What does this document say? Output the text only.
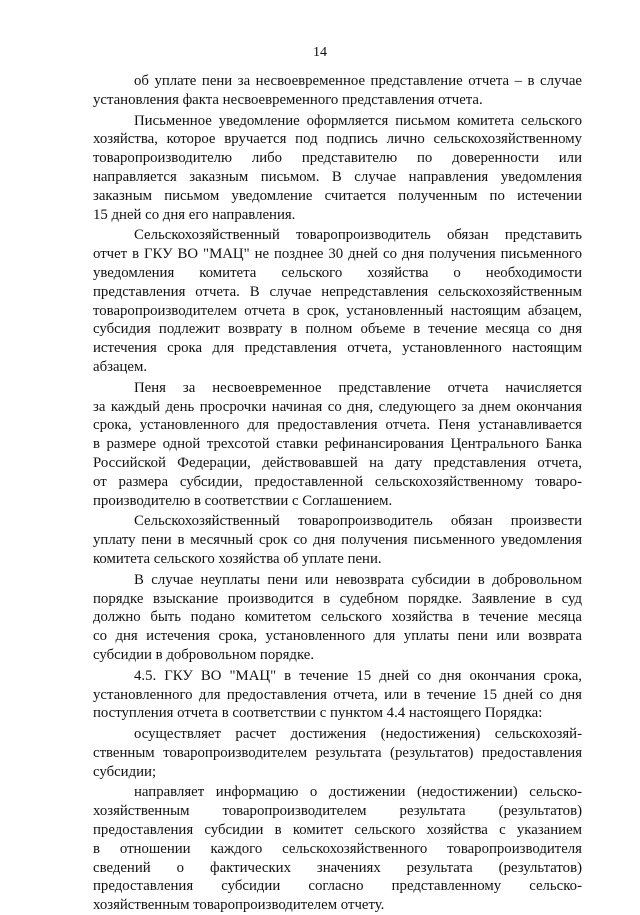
14
об уплате пени за несвоевременное представление отчета – в случае
установления факта несвоевременного представления отчета.
Письменное уведомление оформляется письмом комитета сельского
хозяйства, которое вручается под подпись лично сельскохозяйственному
товаропроизводителю либо представителю по доверенности или
направляется заказным письмом. В случае направления уведомления
заказным письмом уведомление считается полученным по истечении
15 дней со дня его направления.
Сельскохозяйственный товаропроизводитель обязан представить
отчет в ГКУ ВО "МАЦ" не позднее 30 дней со дня получения письменного
уведомления комитета сельского хозяйства о необходимости
представления отчета. В случае непредставления сельскохозяйственным
товаропроизводителем отчета в срок, установленный настоящим абзацем,
субсидия подлежит возврату в полном объеме в течение месяца со дня
истечения срока для представления отчета, установленного настоящим
абзацем.
Пеня за несвоевременное представление отчета начисляется
за каждый день просрочки начиная со дня, следующего за днем окончания
срока, установленного для предоставления отчета. Пеня устанавливается
в размере одной трехсотой ставки рефинансирования Центрального Банка
Российской Федерации, действовавшей на дату представления отчета,
от размера субсидии, предоставленной сельскохозяйственному товаро-
производителю в соответствии с Соглашением.
Сельскохозяйственный товаропроизводитель обязан произвести
уплату пени в месячный срок со дня получения письменного уведомления
комитета сельского хозяйства об уплате пени.
В случае неуплаты пени или невозврата субсидии в добровольном
порядке взыскание производится в судебном порядке. Заявление в суд
должно быть подано комитетом сельского хозяйства в течение месяца
со дня истечения срока, установленного для уплаты пени или возврата
субсидии в добровольном порядке.
4.5. ГКУ ВО "МАЦ" в течение 15 дней со дня окончания срока,
установленного для предоставления отчета, или в течение 15 дней со дня
поступления отчета в соответствии с пунктом 4.4 настоящего Порядка:
осуществляет расчет достижения (недостижения) сельскохозяй-
ственным товаропроизводителем результата (результатов) предоставления
субсидии;
направляет информацию о достижении (недостижении) сельско-
хозяйственным товаропроизводителем результата (результатов)
предоставления субсидии в комитет сельского хозяйства с указанием
в отношении каждого сельскохозяйственного товаропроизводителя
сведений о фактических значениях результата (результатов)
предоставления субсидии согласно представленному сельско-
хозяйственным товаропроизводителем отчету.
